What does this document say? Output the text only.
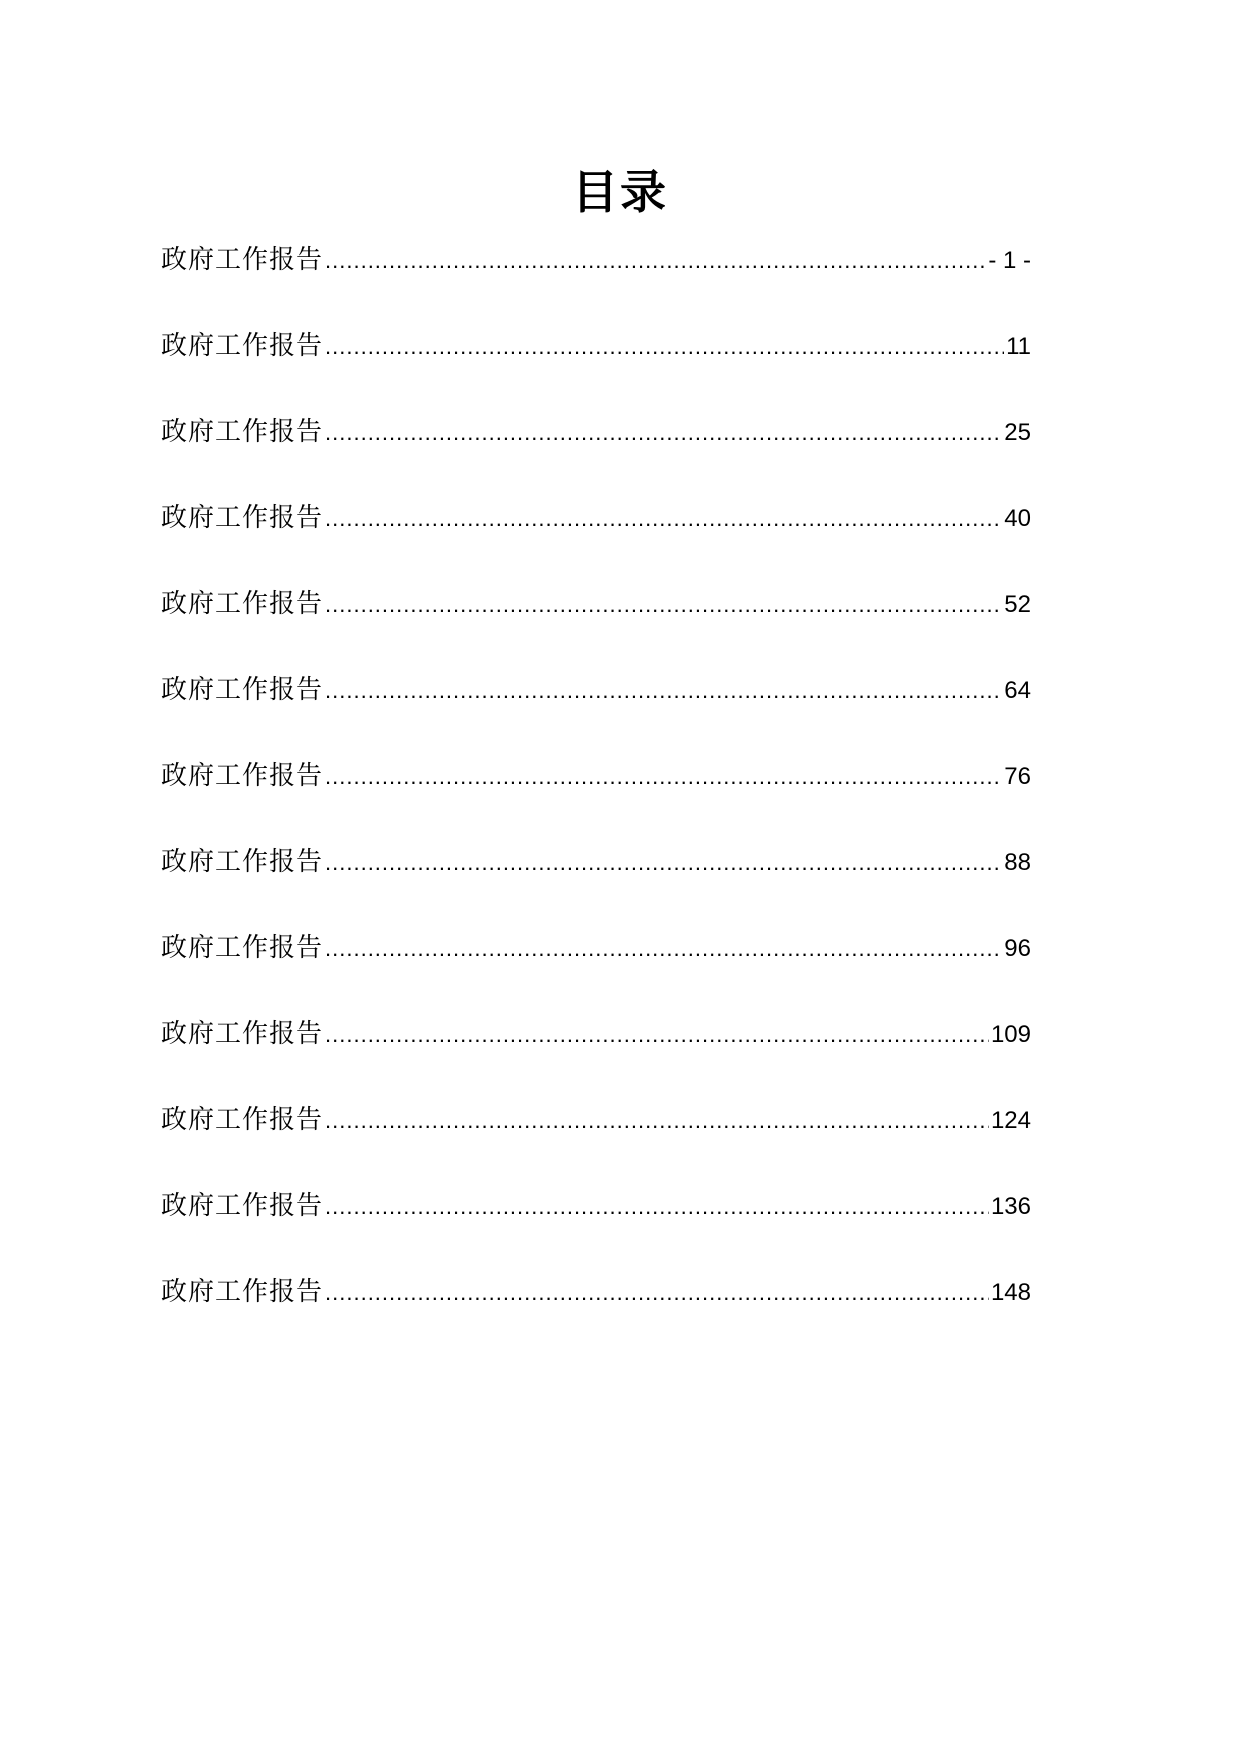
目录
政府工作报告 .....	- 1 -
政府工作报告 .....	11
政府工作报告 .....	25
政府工作报告 .....	40
政府工作报告 .....	52
政府工作报告 .....	64
政府工作报告 .....	76
政府工作报告 .....	88
政府工作报告 .....	96
政府工作报告 .....	109
政府工作报告 .....	124
政府工作报告 .....	136
政府工作报告 .....	148
